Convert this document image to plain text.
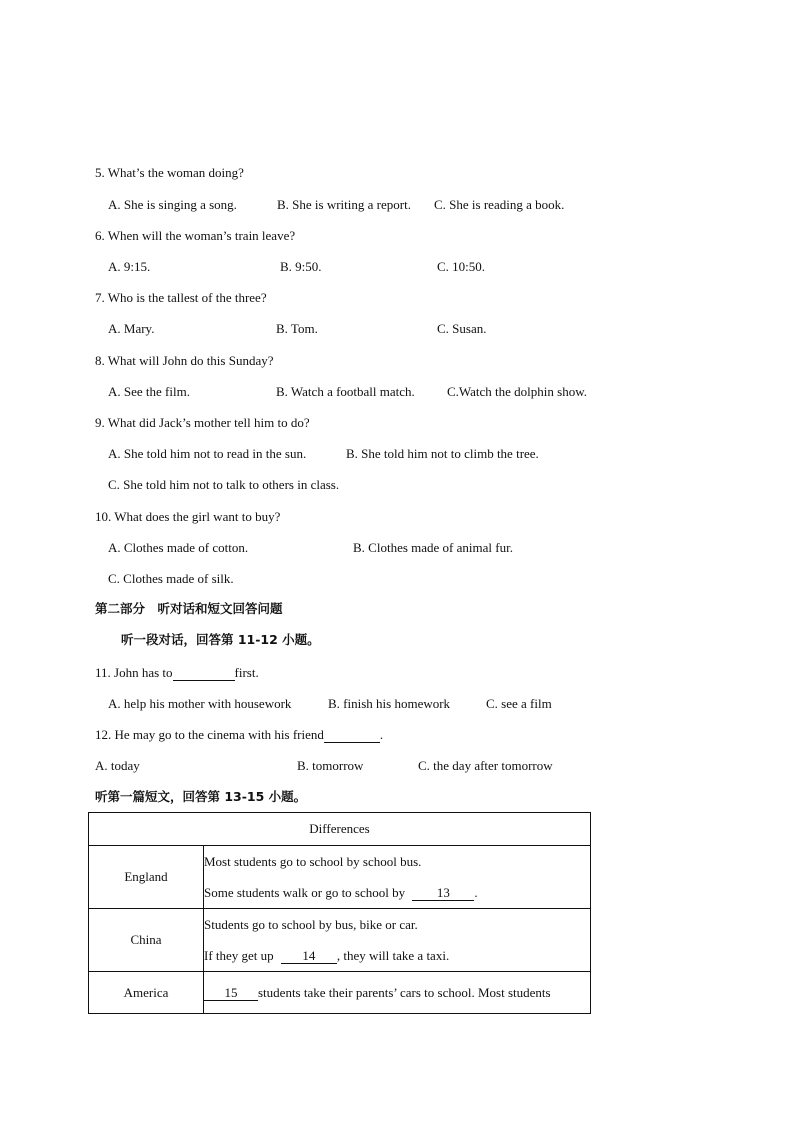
5. What’s the woman doing?
A. She is singing a song.	B. She is writing a report. C. She is reading a book.
6. When will the woman’s train leave?
A. 9:15.	B. 9:50.	C. 10:50.
7. Who is the tallest of the three?
A. Mary.	B. Tom.	C. Susan.
8. What will John do this Sunday?
A. See the film.	B. Watch a football match. C.Watch the dolphin show.
9. What did Jack’s mother tell him to do?
A. She told him not to read in the sun.	B. She told him not to climb the tree.
C. She told him not to talk to others in class.
10. What does the girl want to buy?
A. Clothes made of cotton.	B. Clothes made of animal fur.
C. Clothes made of silk.
第二部分　听对话和短文回答问题
听一段对话，回答第 11-12 小题。
11. John has to	first.
A. help his mother with housework	B. finish his homework	C. see a film
12. He may go to the cinema with his friend	.
A. today	B. tomorrow	C. the day after tomorrow
听第一篇短文，回答第 13-15 小题。
Differences	
England	Most students go to school by school bus.
Some students walk or go to school by 13 .

China	Students go to school by bus, bike or car.
If they get up 14 , they will take a taxi.

America	15 students take their parents’ cars to school. Most students
